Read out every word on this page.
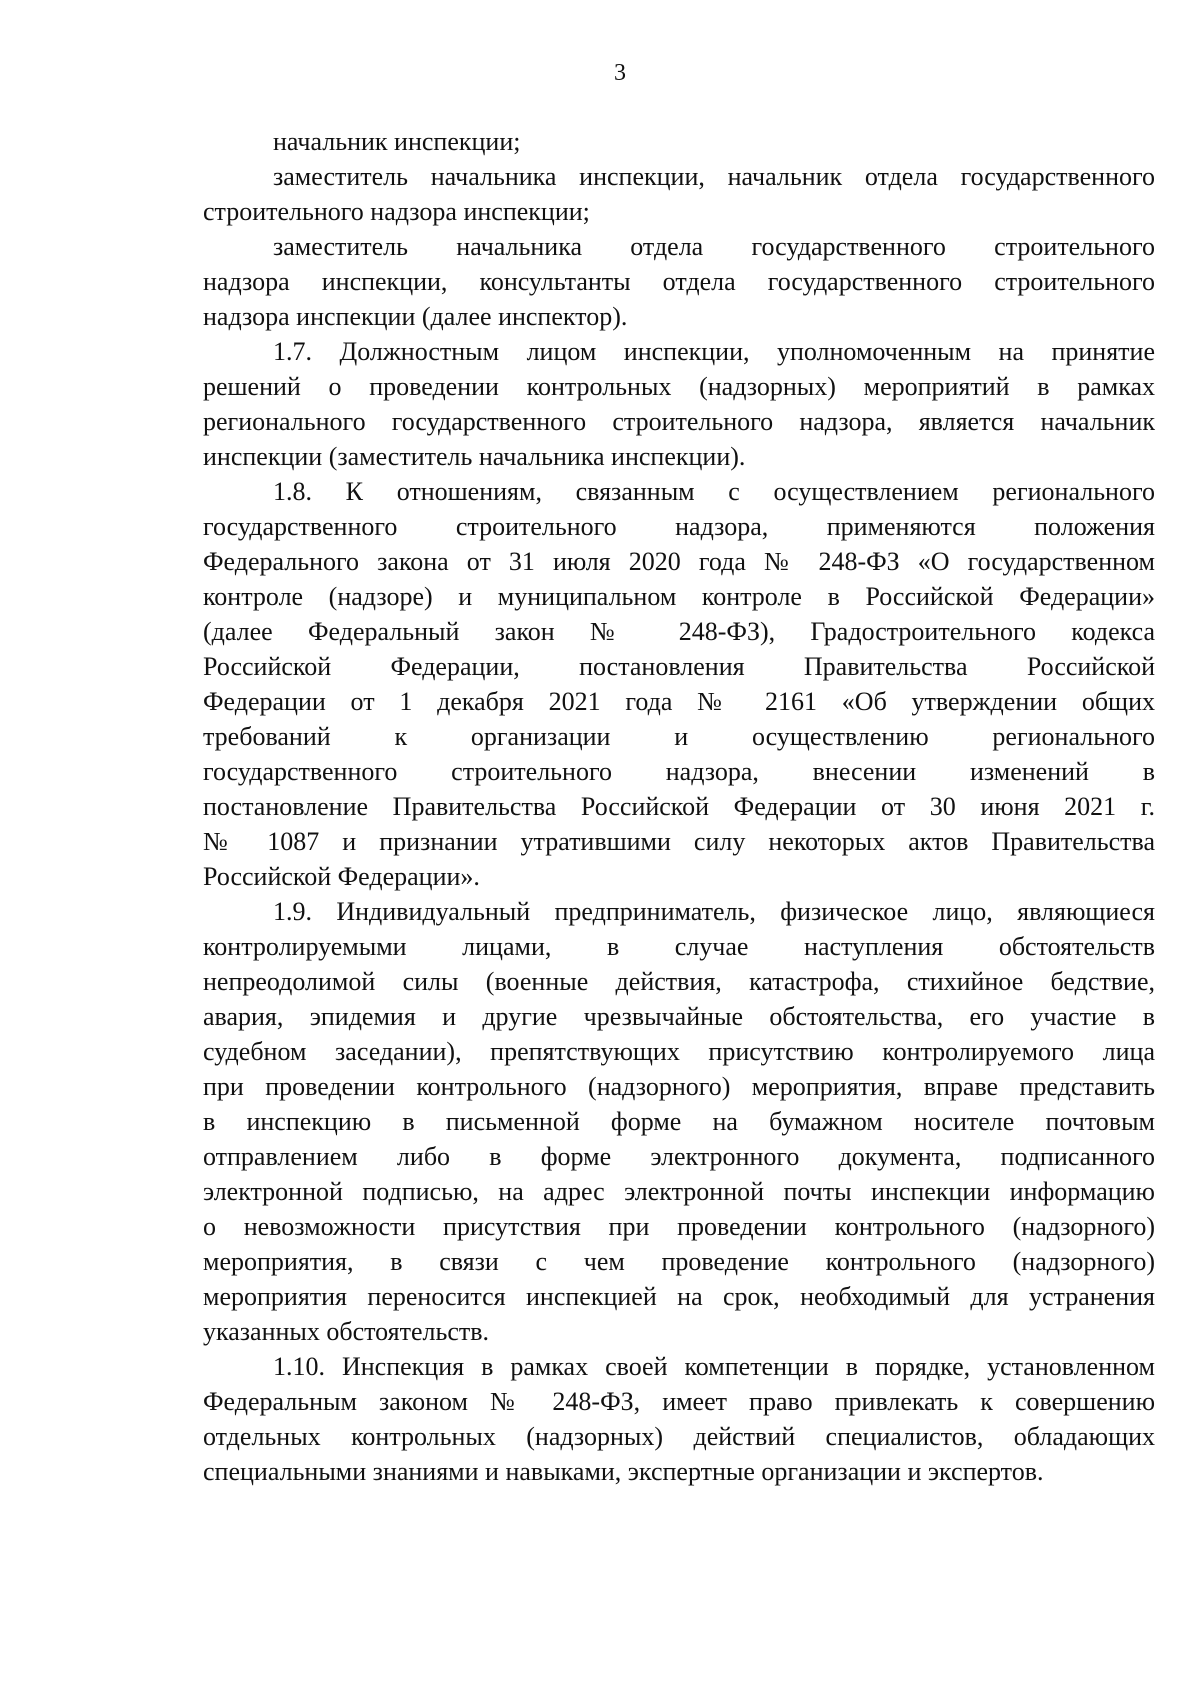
3
начальник инспекции;
заместитель начальника инспекции, начальник отдела государственного
строительного надзора инспекции;
заместитель начальника отдела государственного строительного
надзора инспекции, консультанты отдела государственного строительного
надзора инспекции (далее инспектор).
1.7. Должностным лицом инспекции, уполномоченным на принятие
решений о проведении контрольных (надзорных) мероприятий в рамках
регионального государственного строительного надзора, является начальник
инспекции (заместитель начальника инспекции).
1.8. К отношениям, связанным с осуществлением регионального
государственного строительного надзора, применяются положения
Федерального закона от 31 июля 2020 года № 248-ФЗ «О государственном
контроле (надзоре) и муниципальном контроле в Российской Федерации»
(далее Федеральный закон № 248-ФЗ), Градостроительного кодекса
Российской Федерации, постановления Правительства Российской
Федерации от 1 декабря 2021 года № 2161 «Об утверждении общих
требований к организации и осуществлению регионального
государственного строительного надзора, внесении изменений в
постановление Правительства Российской Федерации от 30 июня 2021 г.
№ 1087 и признании утратившими силу некоторых актов Правительства
Российской Федерации».
1.9. Индивидуальный предприниматель, физическое лицо, являющиеся
контролируемыми лицами, в случае наступления обстоятельств
непреодолимой силы (военные действия, катастрофа, стихийное бедствие,
авария, эпидемия и другие чрезвычайные обстоятельства, его участие в
судебном заседании), препятствующих присутствию контролируемого лица
при проведении контрольного (надзорного) мероприятия, вправе представить
в инспекцию в письменной форме на бумажном носителе почтовым
отправлением либо в форме электронного документа, подписанного
электронной подписью, на адрес электронной почты инспекции информацию
о невозможности присутствия при проведении контрольного (надзорного)
мероприятия, в связи с чем проведение контрольного (надзорного)
мероприятия переносится инспекцией на срок, необходимый для устранения
указанных обстоятельств.
1.10. Инспекция в рамках своей компетенции в порядке, установленном
Федеральным законом № 248-ФЗ, имеет право привлекать к совершению
отдельных контрольных (надзорных) действий специалистов, обладающих
специальными знаниями и навыками, экспертные организации и экспертов.
